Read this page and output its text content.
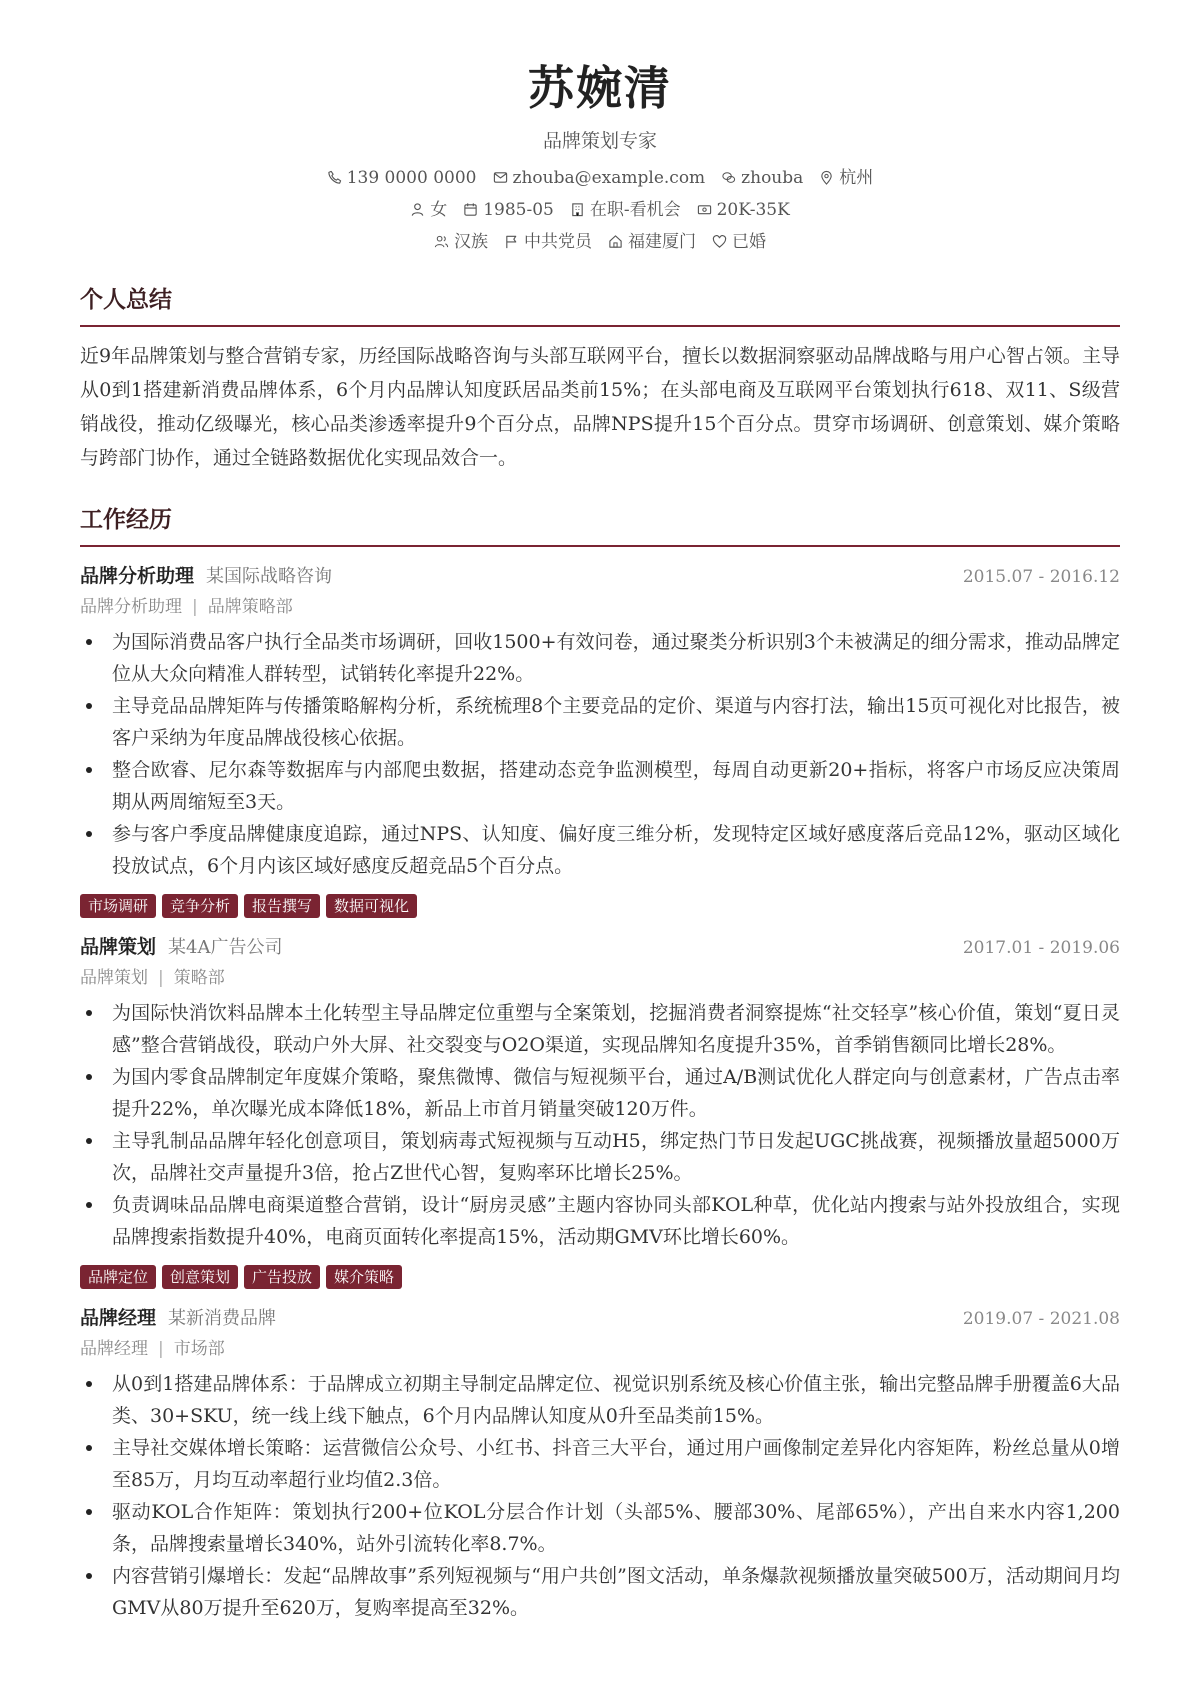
苏婉清
品牌策划专家
139 0000 0000 zhouba@example.com zhouba 杭州
女 1985-05 在职-看机会 20K-35K
汉族 中共党员 福建厦门 已婚
个人总结

近9年品牌策划与整合营销专家，历经国际战略咨询与头部互联网平台，擅长以数据洞察驱动品牌战略与用户心智占领。主导从0到1搭建新消费品牌体系，6个月内品牌认知度跃居品类前15%；在头部电商及互联网平台策划执行618、双11、S级营销战役，推动亿级曝光，核心品类渗透率提升9个百分点，品牌NPS提升15个百分点。贯穿市场调研、创意策划、媒介策略与跨部门协作，通过全链路数据优化实现品效合一。

工作经历
品牌分析助理 某国际战略咨询	2015.07 - 2016.12
品牌分析助理 | 品牌策略部
为国际消费品客户执行全品类市场调研，回收1500+有效问卷，通过聚类分析识别3个未被满足的细分需求，推动品牌定位从大众向精准人群转型，试销转化率提升22%。
主导竞品品牌矩阵与传播策略解构分析，系统梳理8个主要竞品的定价、渠道与内容打法，输出15页可视化对比报告，被客户采纳为年度品牌战役核心依据。
整合欧睿、尼尔森等数据库与内部爬虫数据，搭建动态竞争监测模型，每周自动更新20+指标，将客户市场反应决策周期从两周缩短至3天。
参与客户季度品牌健康度追踪，通过NPS、认知度、偏好度三维分析，发现特定区域好感度落后竞品12%，驱动区域化投放试点，6个月内该区域好感度反超竞品5个百分点。
市场调研	竞争分析	报告撰写	数据可视化
品牌策划 某4A广告公司	2017.01 - 2019.06
品牌策划 | 策略部
为国际快消饮料品牌本土化转型主导品牌定位重塑与全案策划，挖掘消费者洞察提炼“社交轻享”核心价值，策划“夏日灵感”整合营销战役，联动户外大屏、社交裂变与O2O渠道，实现品牌知名度提升35%，首季销售额同比增长28%。
为国内零食品牌制定年度媒介策略，聚焦微博、微信与短视频平台，通过A/B测试优化人群定向与创意素材，广告点击率提升22%，单次曝光成本降低18%，新品上市首月销量突破120万件。
主导乳制品品牌年轻化创意项目，策划病毒式短视频与互动H5，绑定热门节日发起UGC挑战赛，视频播放量超5000万次，品牌社交声量提升3倍，抢占Z世代心智，复购率环比增长25%。
负责调味品品牌电商渠道整合营销，设计“厨房灵感”主题内容协同头部KOL种草，优化站内搜索与站外投放组合，实现品牌搜索指数提升40%，电商页面转化率提高15%，活动期GMV环比增长60%。
品牌定位	创意策划	广告投放	媒介策略
品牌经理 某新消费品牌	2019.07 - 2021.08
品牌经理 | 市场部
从0到1搭建品牌体系：于品牌成立初期主导制定品牌定位、视觉识别系统及核心价值主张，输出完整品牌手册覆盖6大品类、30+SKU，统一线上线下触点，6个月内品牌认知度从0升至品类前15%。
主导社交媒体增长策略：运营微信公众号、小红书、抖音三大平台，通过用户画像制定差异化内容矩阵，粉丝总量从0增至85万，月均互动率超行业均值2.3倍。
驱动KOL合作矩阵：策划执行200+位KOL分层合作计划（头部5%、腰部30%、尾部65%），产出自来水内容1,200条，品牌搜索量增长340%，站外引流转化率8.7%。
内容营销引爆增长：发起“品牌故事”系列短视频与“用户共创”图文活动，单条爆款视频播放量突破500万，活动期间月均GMV从80万提升至620万，复购率提高至32%。
